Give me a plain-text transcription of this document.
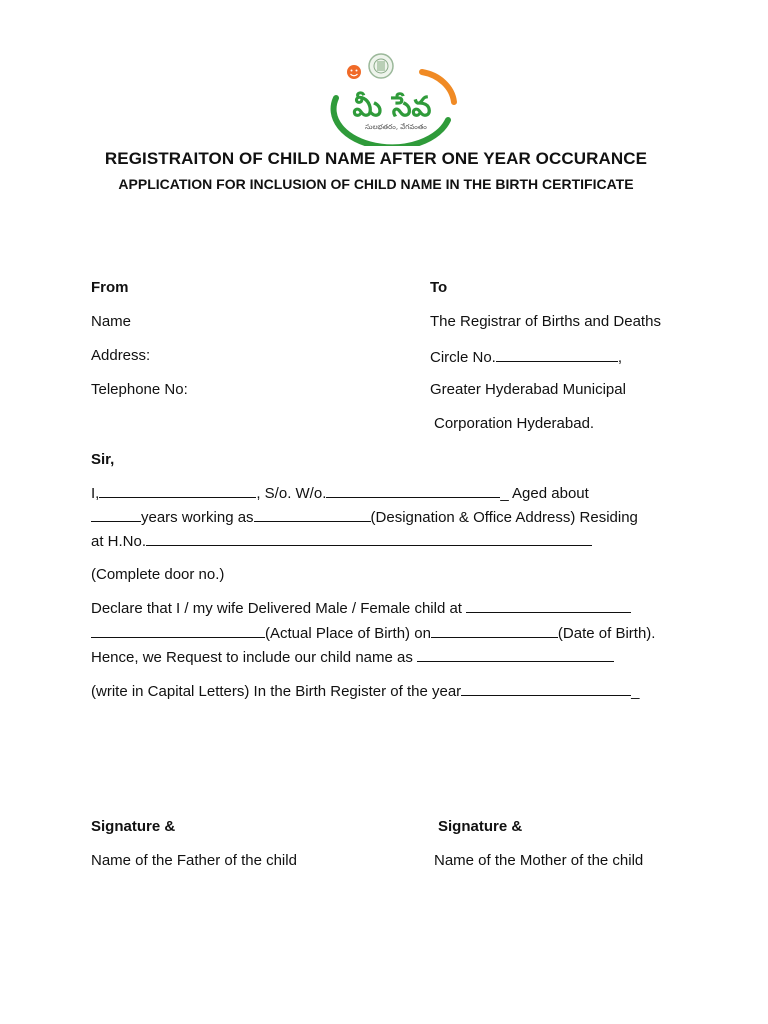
మీ సేవ
సులభతరం, వేగవంతం
REGISTRAITON OF CHILD NAME AFTER ONE YEAR OCCURANCE
APPLICATION FOR INCLUSION OF CHILD NAME IN THE BIRTH CERTIFICATE
From
Name
Address:
Telephone No:
To
The Registrar of Births and Deaths
Circle No.	,
Greater Hyderabad Municipal
Corporation Hyderabad.
Sir,
I,	, S/o. W/o.	_ Aged about
years working as	(Designation & Office Address) Residing
at H.No.
(Complete door no.)
Declare that I / my wife Delivered Male / Female child at
(Actual Place of Birth) on	(Date of Birth).
Hence, we Request to include our child name as
(write in Capital Letters) In the Birth Register of the year	_
Signature &
Name of the Father of the child
Signature &
Name of the Mother of the child
